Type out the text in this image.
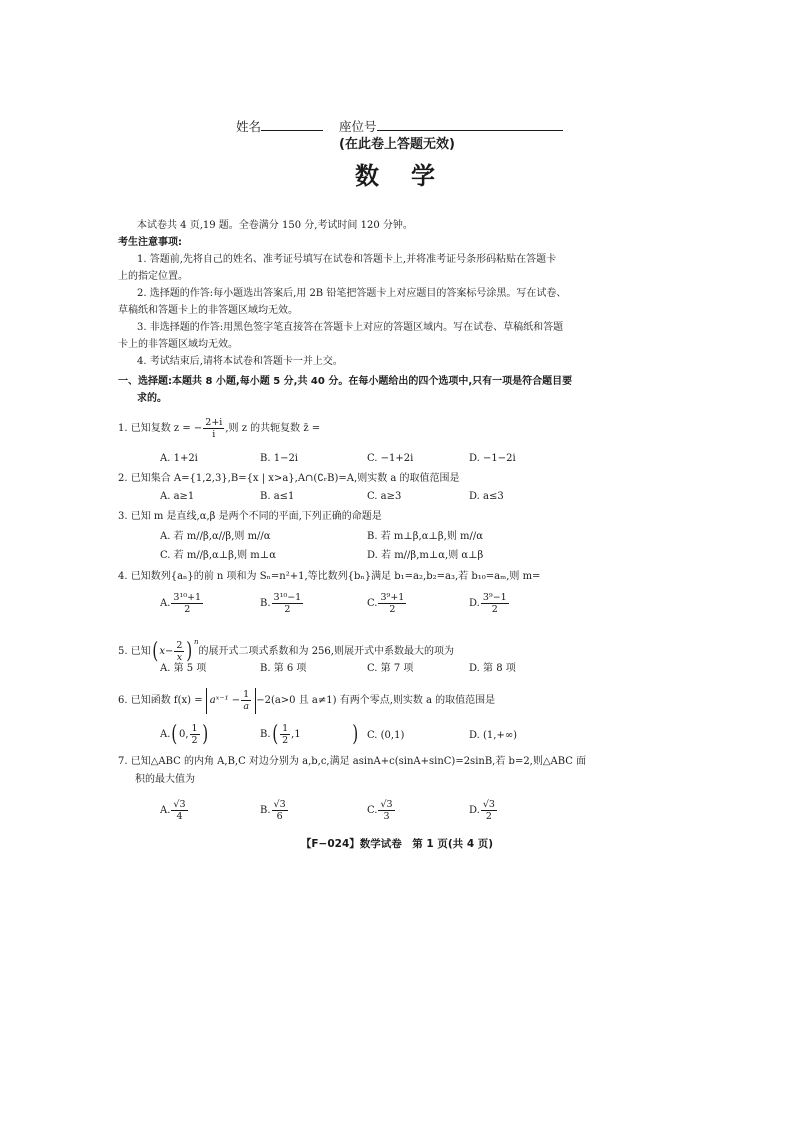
姓名	座位号
(在此卷上答题无效)
数　学
本试卷共 4 页,19 题。全卷满分 150 分,考试时间 120 分钟。
考生注意事项:
1. 答题前,先将自己的姓名、准考证号填写在试卷和答题卡上,并将准考证号条形码粘贴在答题卡
上的指定位置。
2. 选择题的作答:每小题选出答案后,用 2B 铅笔把答题卡上对应题目的答案标号涂黑。写在试卷、
草稿纸和答题卡上的非答题区域均无效。
3. 非选择题的作答:用黑色签字笔直接答在答题卡上对应的答题区域内。写在试卷、草稿纸和答题
卡上的非答题区域均无效。
4. 考试结束后,请将本试卷和答题卡一并上交。
一、选择题:本题共 8 小题,每小题 5 分,共 40 分。在每小题给出的四个选项中,只有一项是符合题目要
求的。
1. 已知复数 z = − $\frac{2+i}{i}$ ,则 z 的共轭复数 z̄ =
A. 1+2i	B. 1−2i	C. −1+2i	D. −1−2i
2. 已知集合 A={1,2,3},B={x | x>a},A∩(∁ᵣB)=A,则实数 a 的取值范围是
A. a≥1	B. a≤1	C. a≥3	D. a≤3
3. 已知 m 是直线,α,β 是两个不同的平面,下列正确的命题是
A. 若 m//β,α//β,则 m//α	B. 若 m⊥β,α⊥β,则 m//α
C. 若 m//β,α⊥β,则 m⊥α	D. 若 m//β,m⊥α,则 α⊥β
4. 已知数列{aₙ}的前 n 项和为 Sₙ=n²+1,等比数列{bₙ}满足 b₁=a₂,b₂=a₃,若 b₁₀=aₘ,则 m=
A. $\frac{\text{3¹⁰+1}}{2}$	B. $\frac{\text{3¹⁰−1}}{2}$	C. $\frac{\text{3⁹+1}}{2}$	D. $\frac{\text{3⁹−1}}{2}$
5. 已知$(x- \frac{2}{x} )^n$的展开式二项式系数和为 256,则展开式中系数最大的项为
A. 第 5 项	B. 第 6 项	C. 第 7 项	D. 第 8 项
6. 已知函数 f(x) = aˣ⁻¹ − $\frac{1}{a} -2(a>0$ 且 a≠1) 有两个零点,则实数 a 的取值范围是
A.(0, $\frac{1}{2}$ )	$B.( \frac{1}{2} ,1$ ) C. (0,1)	D. (1,+∞)
7. 已知△ABC 的内角 A,B,C 对边分别为 a,b,c,满足 asinA+c(sinA+sinC)=2sinB,若 b=2,则△ABC 面
积的最大值为
A. $\frac{√3}{4}$	B. $\frac{√3}{6}$	C. $\frac{√3}{3}$	D. $\frac{√3}{2}$
【F−024】数学试卷　第 1 页(共 4 页)
